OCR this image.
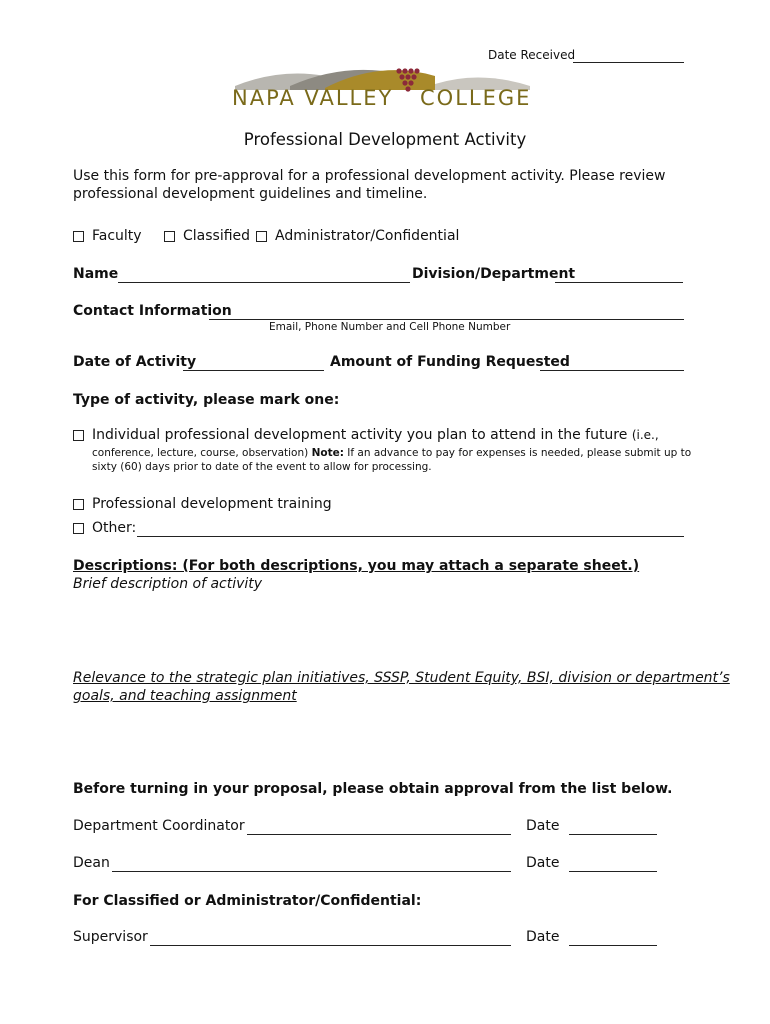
Date Received
NAPA VALLEY COLLEGE
Professional Development Activity
Use this form for pre-approval for a professional development activity. Please review
professional development guidelines and timeline.
Faculty	Classified Administrator/Confidential
Name	Division/Department
Contact Information
Email, Phone Number and Cell Phone Number
Date of Activity	Amount of Funding Requested
Type of activity, please mark one:
Individual professional development activity you plan to attend in the future
(i.e.,
conference, lecture, course, observation) Note: If an advance to pay for expenses is needed, please submit up to
sixty (60) days prior to date of the event to allow for processing.
Professional development training
Other:
Descriptions: (For both descriptions, you may attach a separate sheet.)
Brief description of activity
Relevance to the strategic plan initiatives, SSSP, Student Equity, BSI, division or department’s
goals, and teaching assignment
Before turning in your proposal, please obtain approval from the list below.
Department Coordinator	Date
Dean	Date
For Classified or Administrator/Confidential:
Supervisor	Date
